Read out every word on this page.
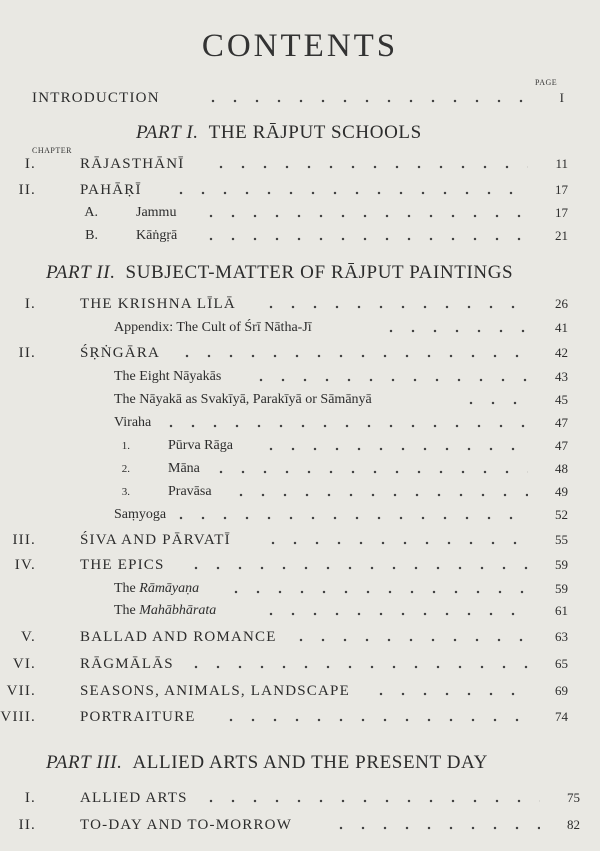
CONTENTS
PAGE
INTRODUCTION	I
PART I. THE RĀJPUT SCHOOLS
CHAPTER
I.	RĀJASTHĀNĪ	11
II.	PAHĀṚĪ	17
A.	Jammu	17
B.	Kāṅgṛā	21
PART II. SUBJECT-MATTER OF RĀJPUT PAINTINGS
I.	THE KRISHNA LĪLĀ	26
Appendix: The Cult of Śrī Nātha-Jī	41
II.	ŚṚṄGĀRA	42
The Eight Nāyakās	43
The Nāyakā as Svakīyā, Parakīyā or Sāmānyā	45
Viraha	47
1.	Pūrva Rāga	47
2.	Māna	48
3.	Pravāsa	49
Saṃyoga	52
III.	ŚIVA AND PĀRVATĪ	55
IV.	THE EPICS	59
The Rāmāyaṇa	59
The Mahābhārata	61
V.	BALLAD AND ROMANCE	63
VI.	RĀGMĀLĀS	65
VII.	SEASONS, ANIMALS, LANDSCAPE	69
VIII.	PORTRAITURE	74
PART III. ALLIED ARTS AND THE PRESENT DAY
I.	ALLIED ARTS	75
II.	TO-DAY AND TO-MORROW	82
